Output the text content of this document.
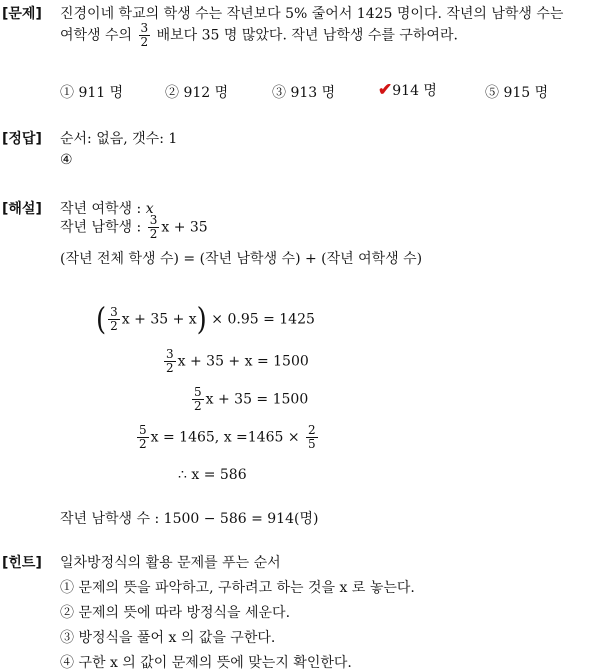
[문제] 진경이네 학교의 학생 수는 작년보다 5% 줄어서 1425 명이다. 작년의 남학생 수는
여학생 수의 $\frac{3}{2}$ 배보다 35 명 많았다. 작년 남학생 수를 구하여라.
① 911 명	② 912 명	③ 913 명	✔914 명	⑤ 915 명
[정답] 순서: 없음, 갯수: 1
④
[해설] 작년 여학생 : x
작년 남학생 : $\frac{3}{2}$ x + 35
(작년 전체 학생 수) = (작년 남학생 수) + (작년 여학생 수)
( $\frac{3}{2}$ x + 35 + x) × 0.95 = 1425
$\frac{3}{2}$ x + 35 + x = 1500
$\frac{5}{2}$ x + 35 = 1500
$\frac{5}{2}$ x = 1465, $x =1465 \times \frac{2}{5}$
∴ x = 586
작년 남학생 수 : 1500 − 586 = 914(명)
[힌트] 일차방정식의 활용 문제를 푸는 순서
① 문제의 뜻을 파악하고, 구하려고 하는 것을 x 로 놓는다.
② 문제의 뜻에 따라 방정식을 세운다.
③ 방정식을 풀어 x 의 값을 구한다.
④ 구한 x 의 값이 문제의 뜻에 맞는지 확인한다.
